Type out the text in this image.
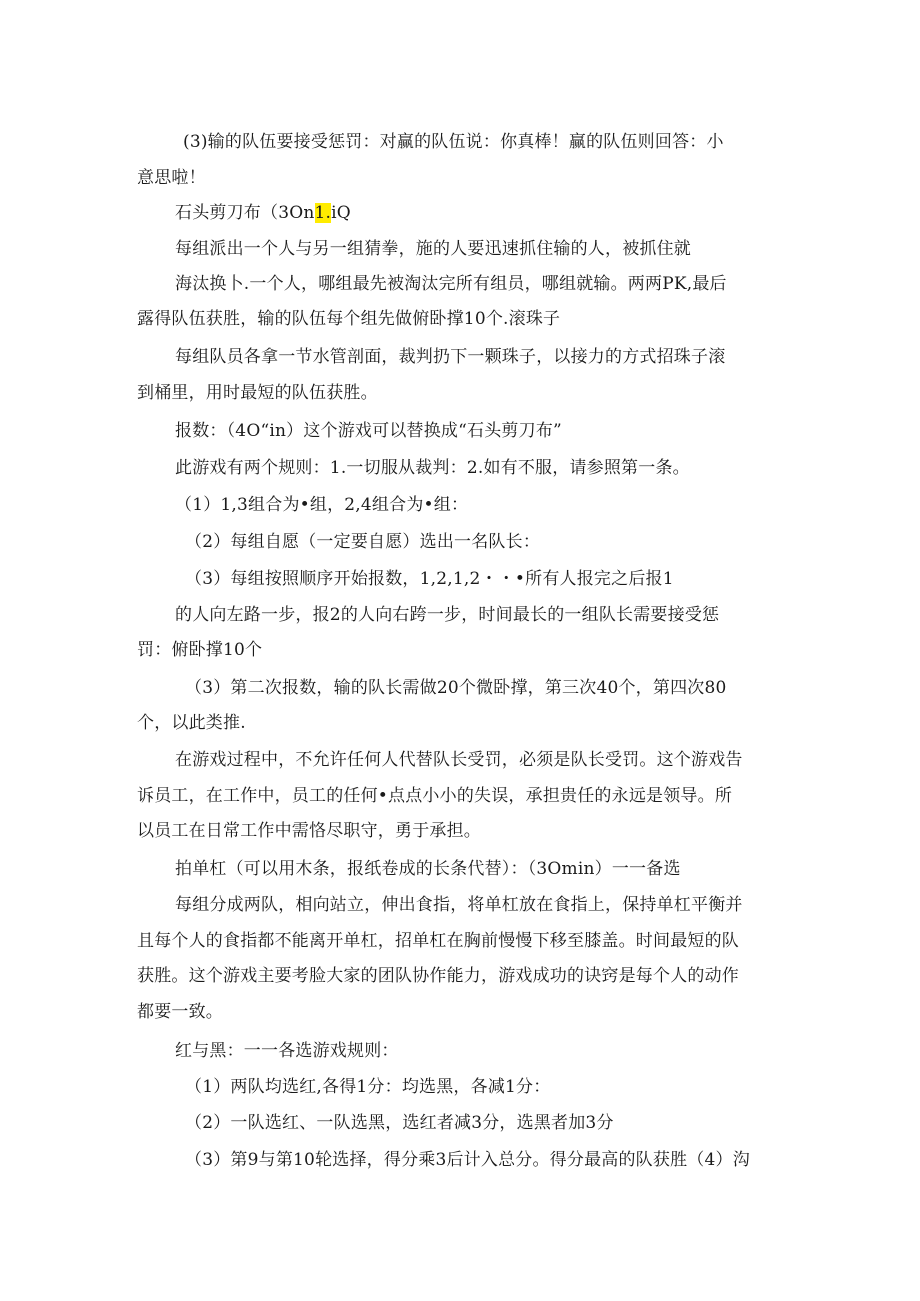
(3)输的队伍要接受惩罚：对赢的队伍说：你真棒！赢的队伍则回答：小
意思啦！
石头剪刀布（3On1.iQ
每组派出一个人与另一组猜拳，施的人要迅速抓住输的人，被抓住就
海汰换卜.一个人，哪组最先被淘汰完所有组员，哪组就输。两两PK,最后
露得队伍获胜，输的队伍每个组先做俯卧撑10个.滚珠子
每组队员各拿一节水管剖面，裁判扔下一颗珠子，以接力的方式招珠子滚
到桶里，用时最短的队伍获胜。
报数：（4O“in）这个游戏可以替换成“石头剪刀布”
此游戏有两个规则：1.一切服从裁判：2.如有不服，请参照第一条。
（1）1,3组合为•组，2,4组合为•组：
（2）每组自愿（一定要自愿）选出一名队长：
（3）每组按照顺序开始报数，1,2,1,2・・•所有人报完之后报1
的人向左路一步，报2的人向右跨一步，时间最长的一组队长需要接受惩
罚：俯卧撑10个
（3）第二次报数，输的队长需做20个微卧撑，第三次40个，第四次80
个，以此类推.
在游戏过程中，不允许任何人代替队长受罚，必须是队长受罚。这个游戏告
诉员工，在工作中，员工的任何•点点小小的失误，承担贵任的永远是领导。所
以员工在日常工作中需恪尽职守，勇于承担。
拍单杠（可以用木条，报纸卷成的长条代替）：（3Omin）一一备选
每组分成两队，相向站立，伸出食指，将单杠放在食指上，保持单杠平衡并
且每个人的食指都不能离开单杠，招单杠在胸前慢慢下移至膝盖。时间最短的队
获胜。这个游戏主要考脸大家的团队协作能力，游戏成功的诀窍是每个人的动作
都要一致。
红与黑：一一各选游戏规则：
（1）两队均选红,各得1分：均选黑，各减1分：
（2）一队选红、一队选黑，选红者减3分，选黑者加3分
（3）第9与第10轮选择，得分乘3后计入总分。得分最高的队获胜（4）沟
